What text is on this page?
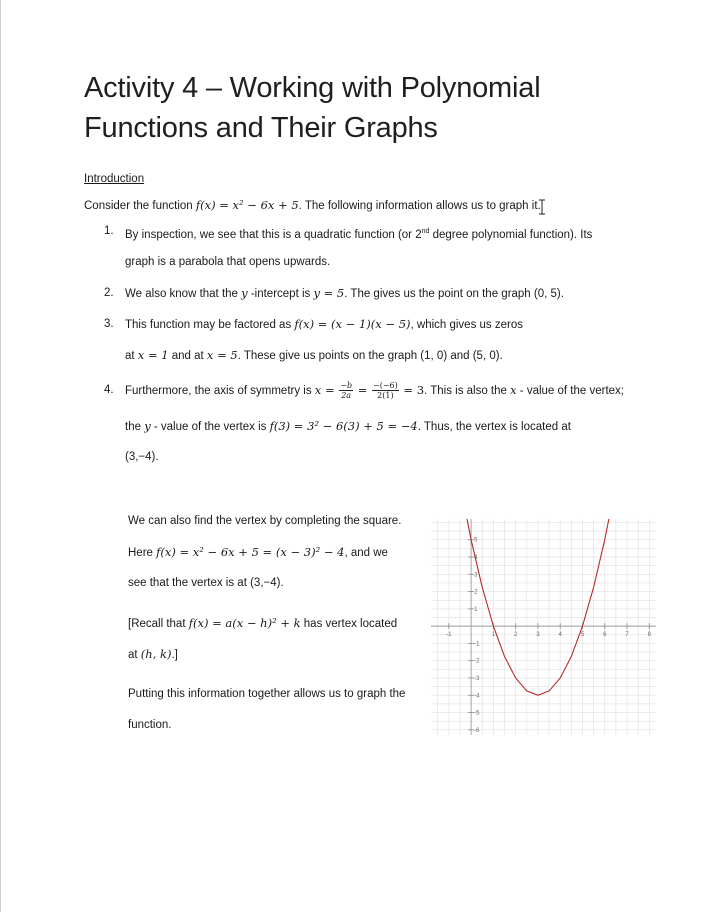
Activity 4 – Working with Polynomial
Functions and Their Graphs
Introduction
Consider the function f(x) = x² − 6x + 5. The following information allows us to graph it.
1. By inspection, we see that this is a quadratic function (or 2nd degree polynomial function). Its
graph is a parabola that opens upwards.
2. We also know that the y -intercept is y = 5. The gives us the point on the graph (0, 5).
3. This function may be factored as f(x) = (x − 1)(x − 5), which gives us zeros
at x = 1 and at x = 5. These give us points on the graph (1, 0) and (5, 0).
4. Furthermore, the axis of symmetry is $x = \frac{-b}{2a} = \frac{-(-6)}{2(1)} = 3$. This is also the x - value of the vertex;
the y - value of the vertex is f(3) = 3² − 6(3) + 5 = −4. Thus, the vertex is located at
(3,−4).
We can also find the vertex by completing the square.
Here f(x) = x² − 6x + 5 = (x − 3)² − 4, and we
see that the vertex is at (3,−4).
[Recall that f(x) = a(x − h)² + k has vertex located
at (h, k).]
Putting this information together allows us to graph the
function.
-1	1	2	3	4	5	6	7	8
5
4
3
2
1
-1
-2
-3
-4
-5
-6
